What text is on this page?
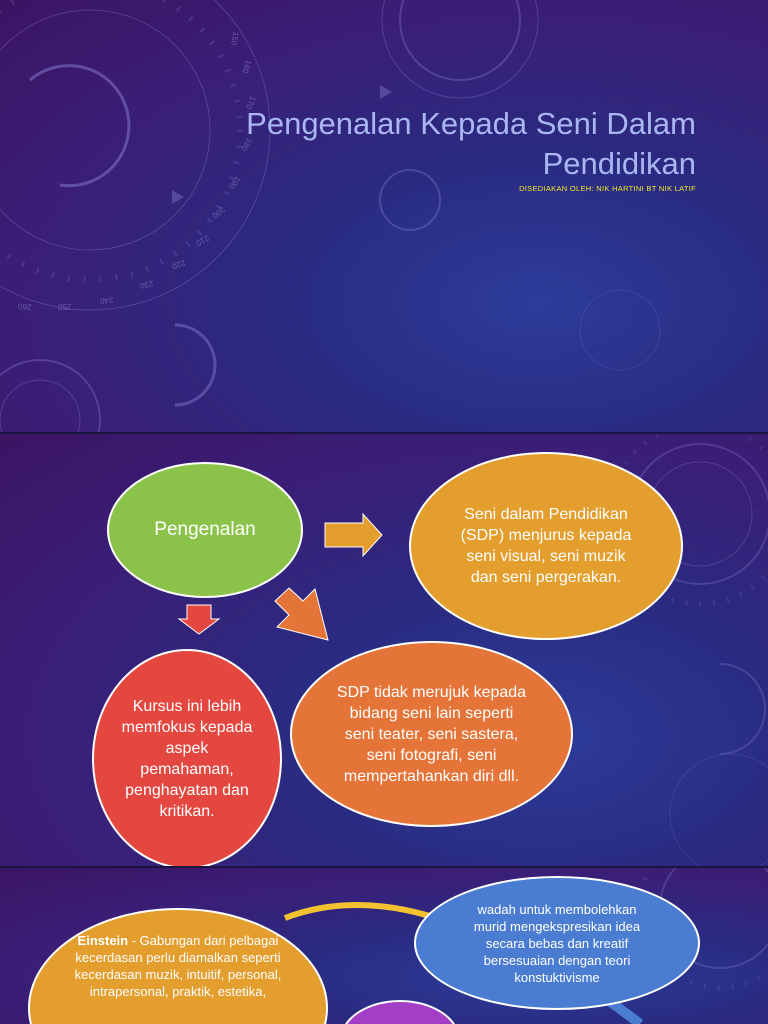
150
160
170
180
190
200
210
220
230
240
250
260
Pengenalan Kepada Seni Dalam Pendidikan
DISEDIAKAN OLEH: NIK HARTINI BT NIK LATIF
Pengenalan
Seni dalam Pendidikan (SDP) menjurus kepada seni visual, seni muzik dan seni pergerakan.
Kursus ini lebih memfokus kepada aspek pemahaman, penghayatan dan kritikan.
SDP tidak merujuk kepada bidang seni lain seperti seni teater, seni sastera, seni fotografi, seni mempertahankan diri dll.
Einstein - Gabungan dari pelbagai kecerdasan perlu diamalkan seperti kecerdasan muzik, intuitif, personal, intrapersonal, praktik, estetika,
wadah untuk membolehkan murid mengekspresikan idea secara bebas dan kreatif bersesuaian dengan teori konstuktivisme
